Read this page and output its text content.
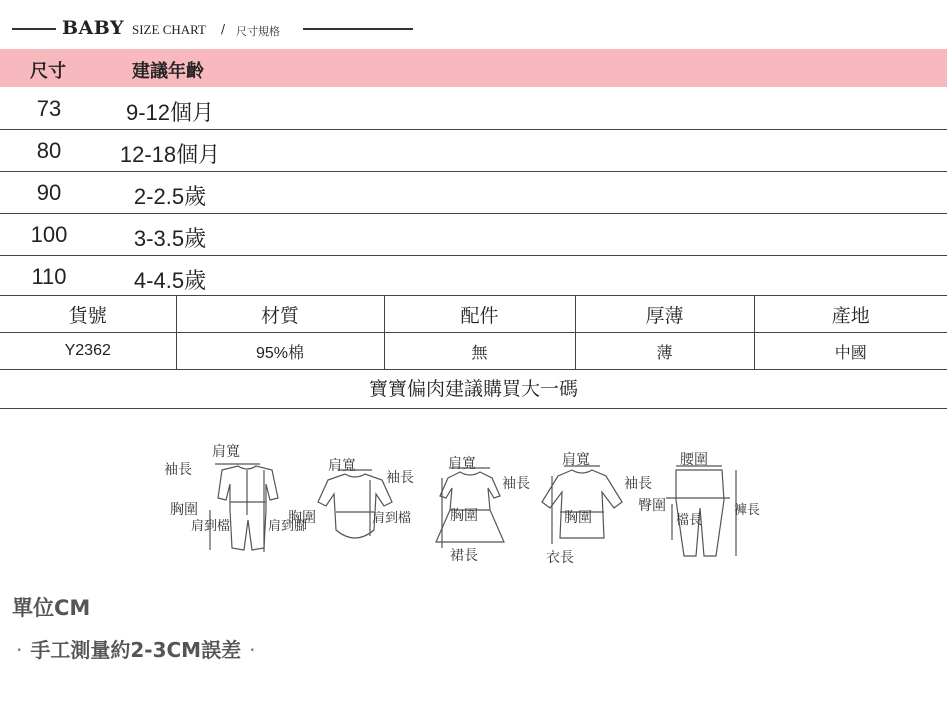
BABY SIZE CHART / 尺寸規格
尺寸	建議年齡
73	9-12個月
80	12-18個月
90	2-2.5歲
100	3-3.5歲
110	4-4.5歲
貨號	材質	配件	厚薄	產地
Y2362	95%棉	無	薄	中國
寶寶偏肉建議購買大一碼
肩寬
袖長
胸圍
肩到檔	肩到腳
肩寬
袖長
胸圍	肩到檔
肩寬
袖長
胸圍
裙長
肩寬
袖長
胸圍
衣長
腰圍
臀圍
檔長
褲長
單位CM
· 手工測量約2-3CM誤差 ·
